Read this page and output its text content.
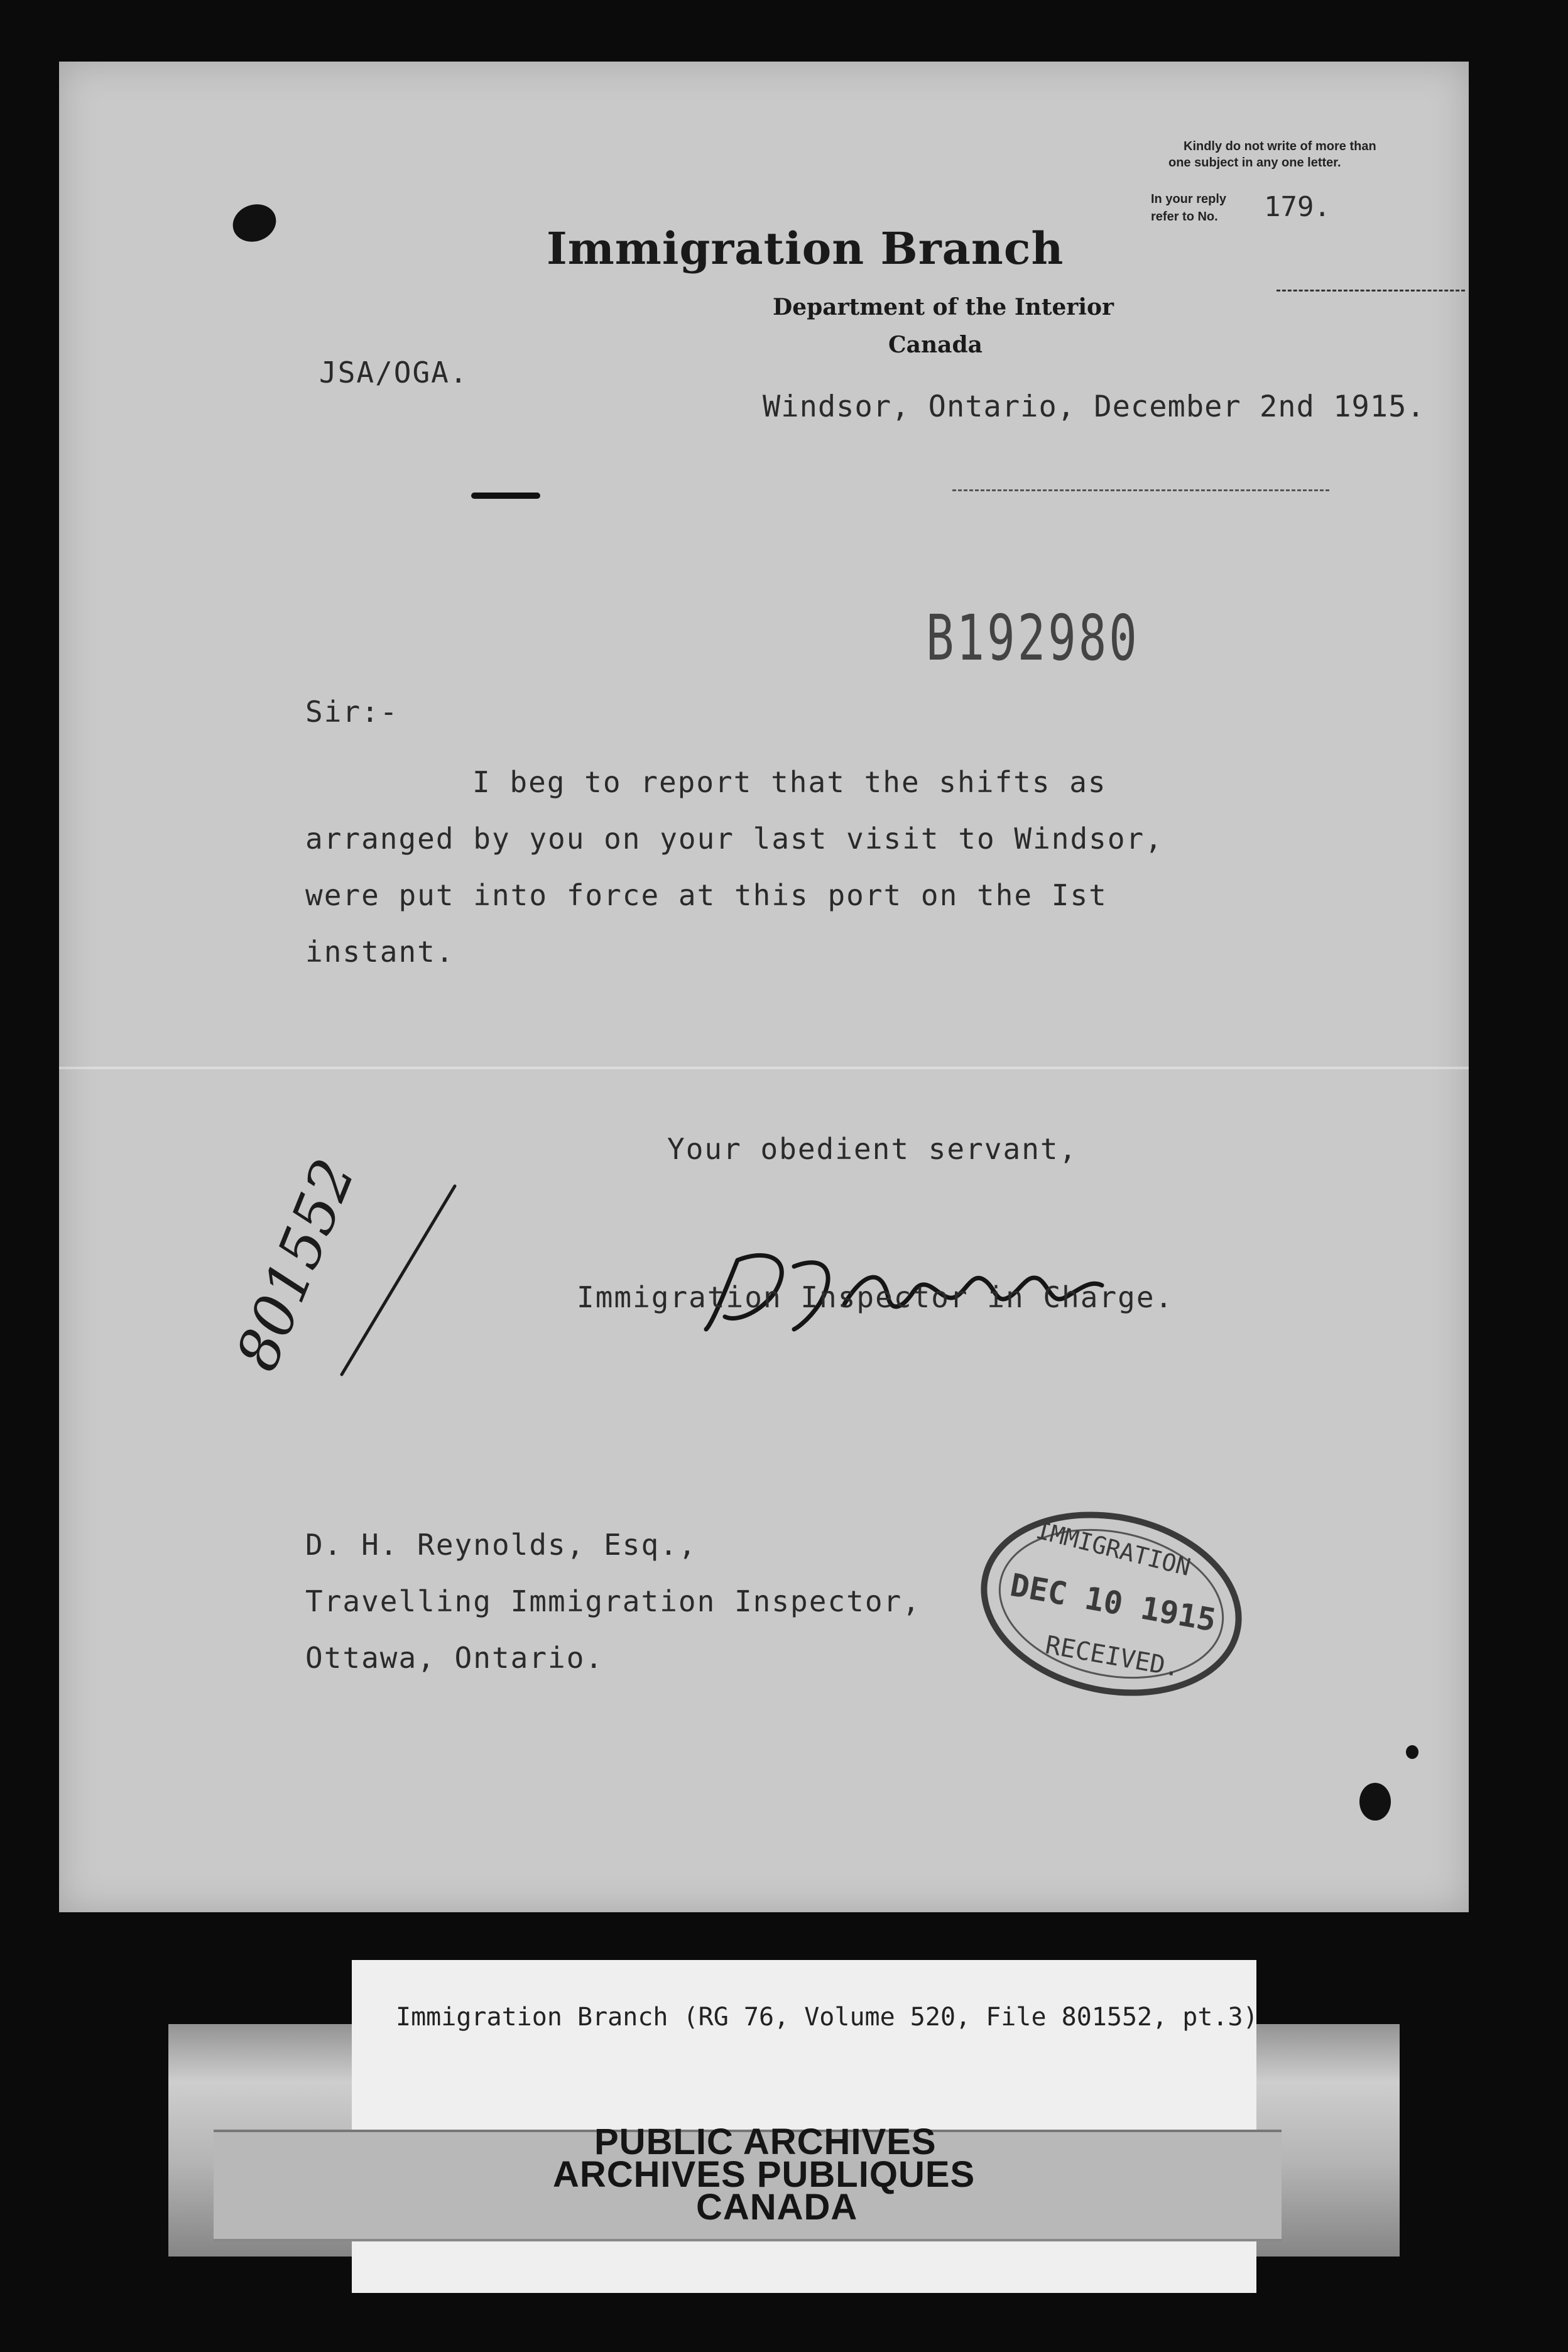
Kindly do not write of more than
one subject in any one letter.
In your reply
refer to No. 179.
Immigration Branch
Department of the Interior
Canada
JSA/OGA.
Windsor, Ontario, December 2nd 1915.
B192980
Sir:-
I beg to report that the shifts as
arranged by you on your last visit to Windsor,
were put into force at this port on the Ist
instant.
Your obedient servant,
Immigration Inspector in Charge.
801552
D. H. Reynolds, Esq.,
Travelling Immigration Inspector,
Ottawa, Ontario.
IMMIGRATION
DEC 10 1915
RECEIVED.
Immigration Branch (RG 76, Volume 520, File 801552, pt.3)
PUBLIC ARCHIVES
ARCHIVES PUBLIQUES
CANADA
